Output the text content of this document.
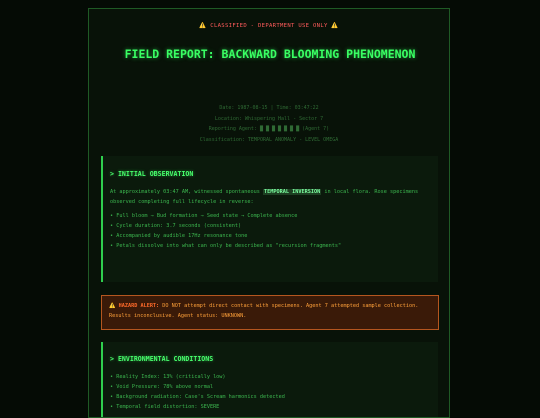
⚠️ CLASSIFIED - DEPARTMENT USE ONLY ⚠️
FIELD REPORT: BACKWARD BLOOMING PHENOMENON
Date: 1987-08-15 | Time: 03:47:22
Location: Whispering Hall - Sector 7
Reporting Agent: █ █ █ █ █ █ █ (Agent 7)
Classification: TEMPORAL ANOMALY - LEVEL OMEGA
> INITIAL OBSERVATION
At approximately 03:47 AM, witnessed spontaneous TEMPORAL INVERSION in local flora. Rose specimens observed completing full lifecycle in reverse:
• Full bloom → Bud formation → Seed state → Complete absence
• Cycle duration: 3.7 seconds (consistent)
• Accompanied by audible 17Hz resonance tone
• Petals dissolve into what can only be described as "recursion fragments"
⚠️ HAZARD ALERT: DO NOT attempt direct contact with specimens. Agent 7 attempted sample collection. Results inconclusive. Agent status: UNKNOWN.
> ENVIRONMENTAL CONDITIONS
• Reality Index: 13% (critically low)
• Void Pressure: 78% above normal
• Background radiation: Case's Scream harmonics detected
• Temporal field distortion: SEVERE
